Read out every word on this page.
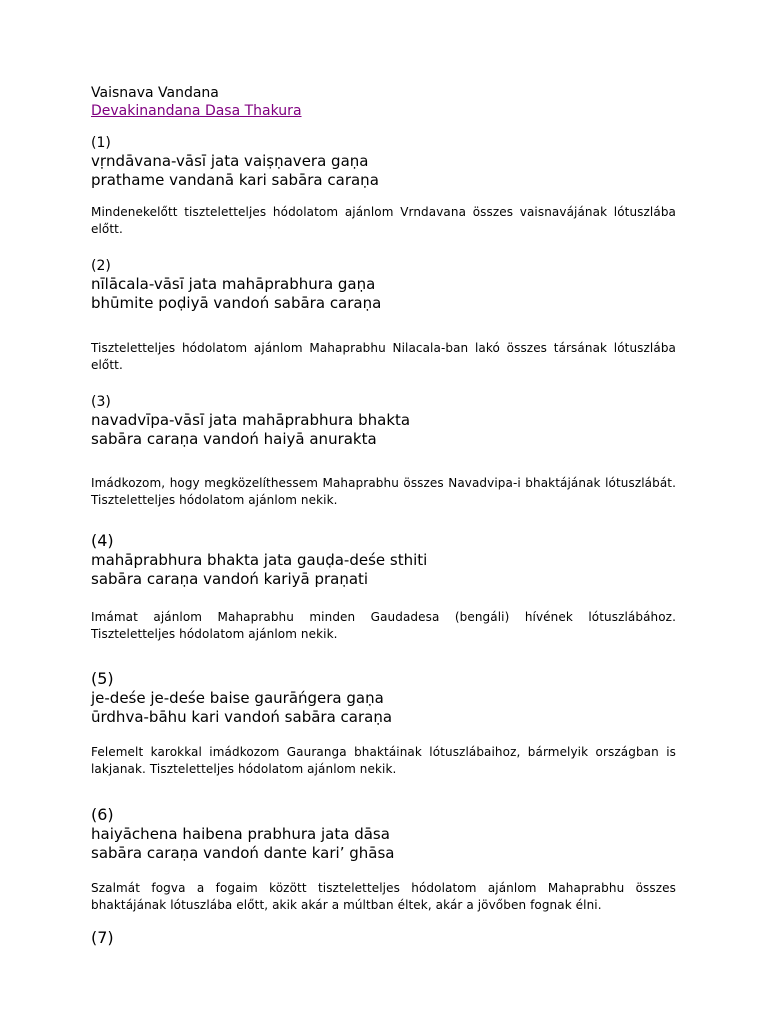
Vaisnava Vandana
Devakinandana Dasa Thakura
(1)
vṛndāvana-vāsī jata vaiṣṇavera gaṇa
prathame vandanā kari sabāra caraṇa
Mindenekelőtt tiszteletteljes hódolatom ajánlom Vrndavana összes vaisnavájának lótuszlába előtt.
(2)
nīlācala-vāsī jata mahāprabhura gaṇa
bhūmite poḍiyā vandoń sabāra caraṇa
Tiszteletteljes hódolatom ajánlom Mahaprabhu Nilacala-ban lakó összes társának lótuszlába előtt.
(3)
navadvīpa-vāsī jata mahāprabhura bhakta
sabāra caraṇa vandoń haiyā anurakta
Imádkozom, hogy megközelíthessem Mahaprabhu összes Navadvipa-i bhaktájának lótuszlábát. Tiszteletteljes hódolatom ajánlom nekik.
(4)
mahāprabhura bhakta jata gauḍa-deśe sthiti
sabāra caraṇa vandoń kariyā praṇati
Imámat ajánlom Mahaprabhu minden Gaudadesa (bengáli) hívének lótuszlábához. Tiszteletteljes hódolatom ajánlom nekik.
(5)
je-deśe je-deśe baise gaurāńgera gaṇa
ūrdhva-bāhu kari vandoń sabāra caraṇa
Felemelt karokkal imádkozom Gauranga bhaktáinak lótuszlábaihoz, bármelyik országban is lakjanak. Tiszteletteljes hódolatom ajánlom nekik.
(6)
haiyāchena haibena prabhura jata dāsa
sabāra caraṇa vandoń dante kari’ ghāsa
Szalmát fogva a fogaim között tiszteletteljes hódolatom ajánlom Mahaprabhu összes bhaktájának lótuszlába előtt, akik akár a múltban éltek, akár a jövőben fognak élni.
(7)
